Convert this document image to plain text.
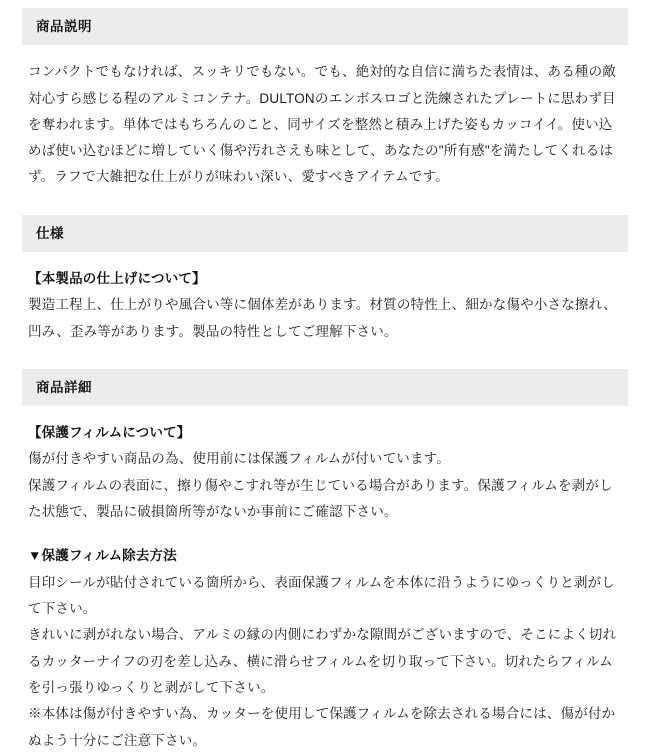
商品説明

コンパクトでもなければ、スッキリでもない。でも、絶対的な自信に満ちた表情は、ある種の敵対心すら感じる程のアルミコンテナ。DULTONのエンボスロゴと洗練されたプレートに思わず目を奪われます。単体ではもちろんのこと、同サイズを整然と積み上げた姿もカッコイイ。使い込めば使い込むほどに増していく傷や汚れさえも味として、あなたの"所有感"を満たしてくれるはず。ラフで大雑把な仕上がりが味わい深い、愛すべきアイテムです。

仕様

【本製品の仕上げについて】

製造工程上、仕上がりや風合い等に個体差があります。材質の特性上、細かな傷や小さな擦れ、凹み、歪み等があります。製品の特性としてご理解下さい。

商品詳細

【保護フィルムについて】

傷が付きやすい商品の為、使用前には保護フィルムが付いています。

保護フィルムの表面に、擦り傷やこすれ等が生じている場合があります。保護フィルムを剥がした状態で、製品に破損箇所等がないか事前にご確認下さい。

▼保護フィルム除去方法

目印シールが貼付されている箇所から、表面保護フィルムを本体に沿うようにゆっくりと剥がして下さい。

きれいに剥がれない場合、アルミの縁の内側にわずかな隙間がございますので、そこによく切れるカッターナイフの刃を差し込み、横に滑らせフィルムを切り取って下さい。切れたらフィルムを引っ張りゆっくりと剥がして下さい。

※本体は傷が付きやすい為、カッターを使用して保護フィルムを除去される場合には、傷が付かぬよう十分にご注意下さい。
